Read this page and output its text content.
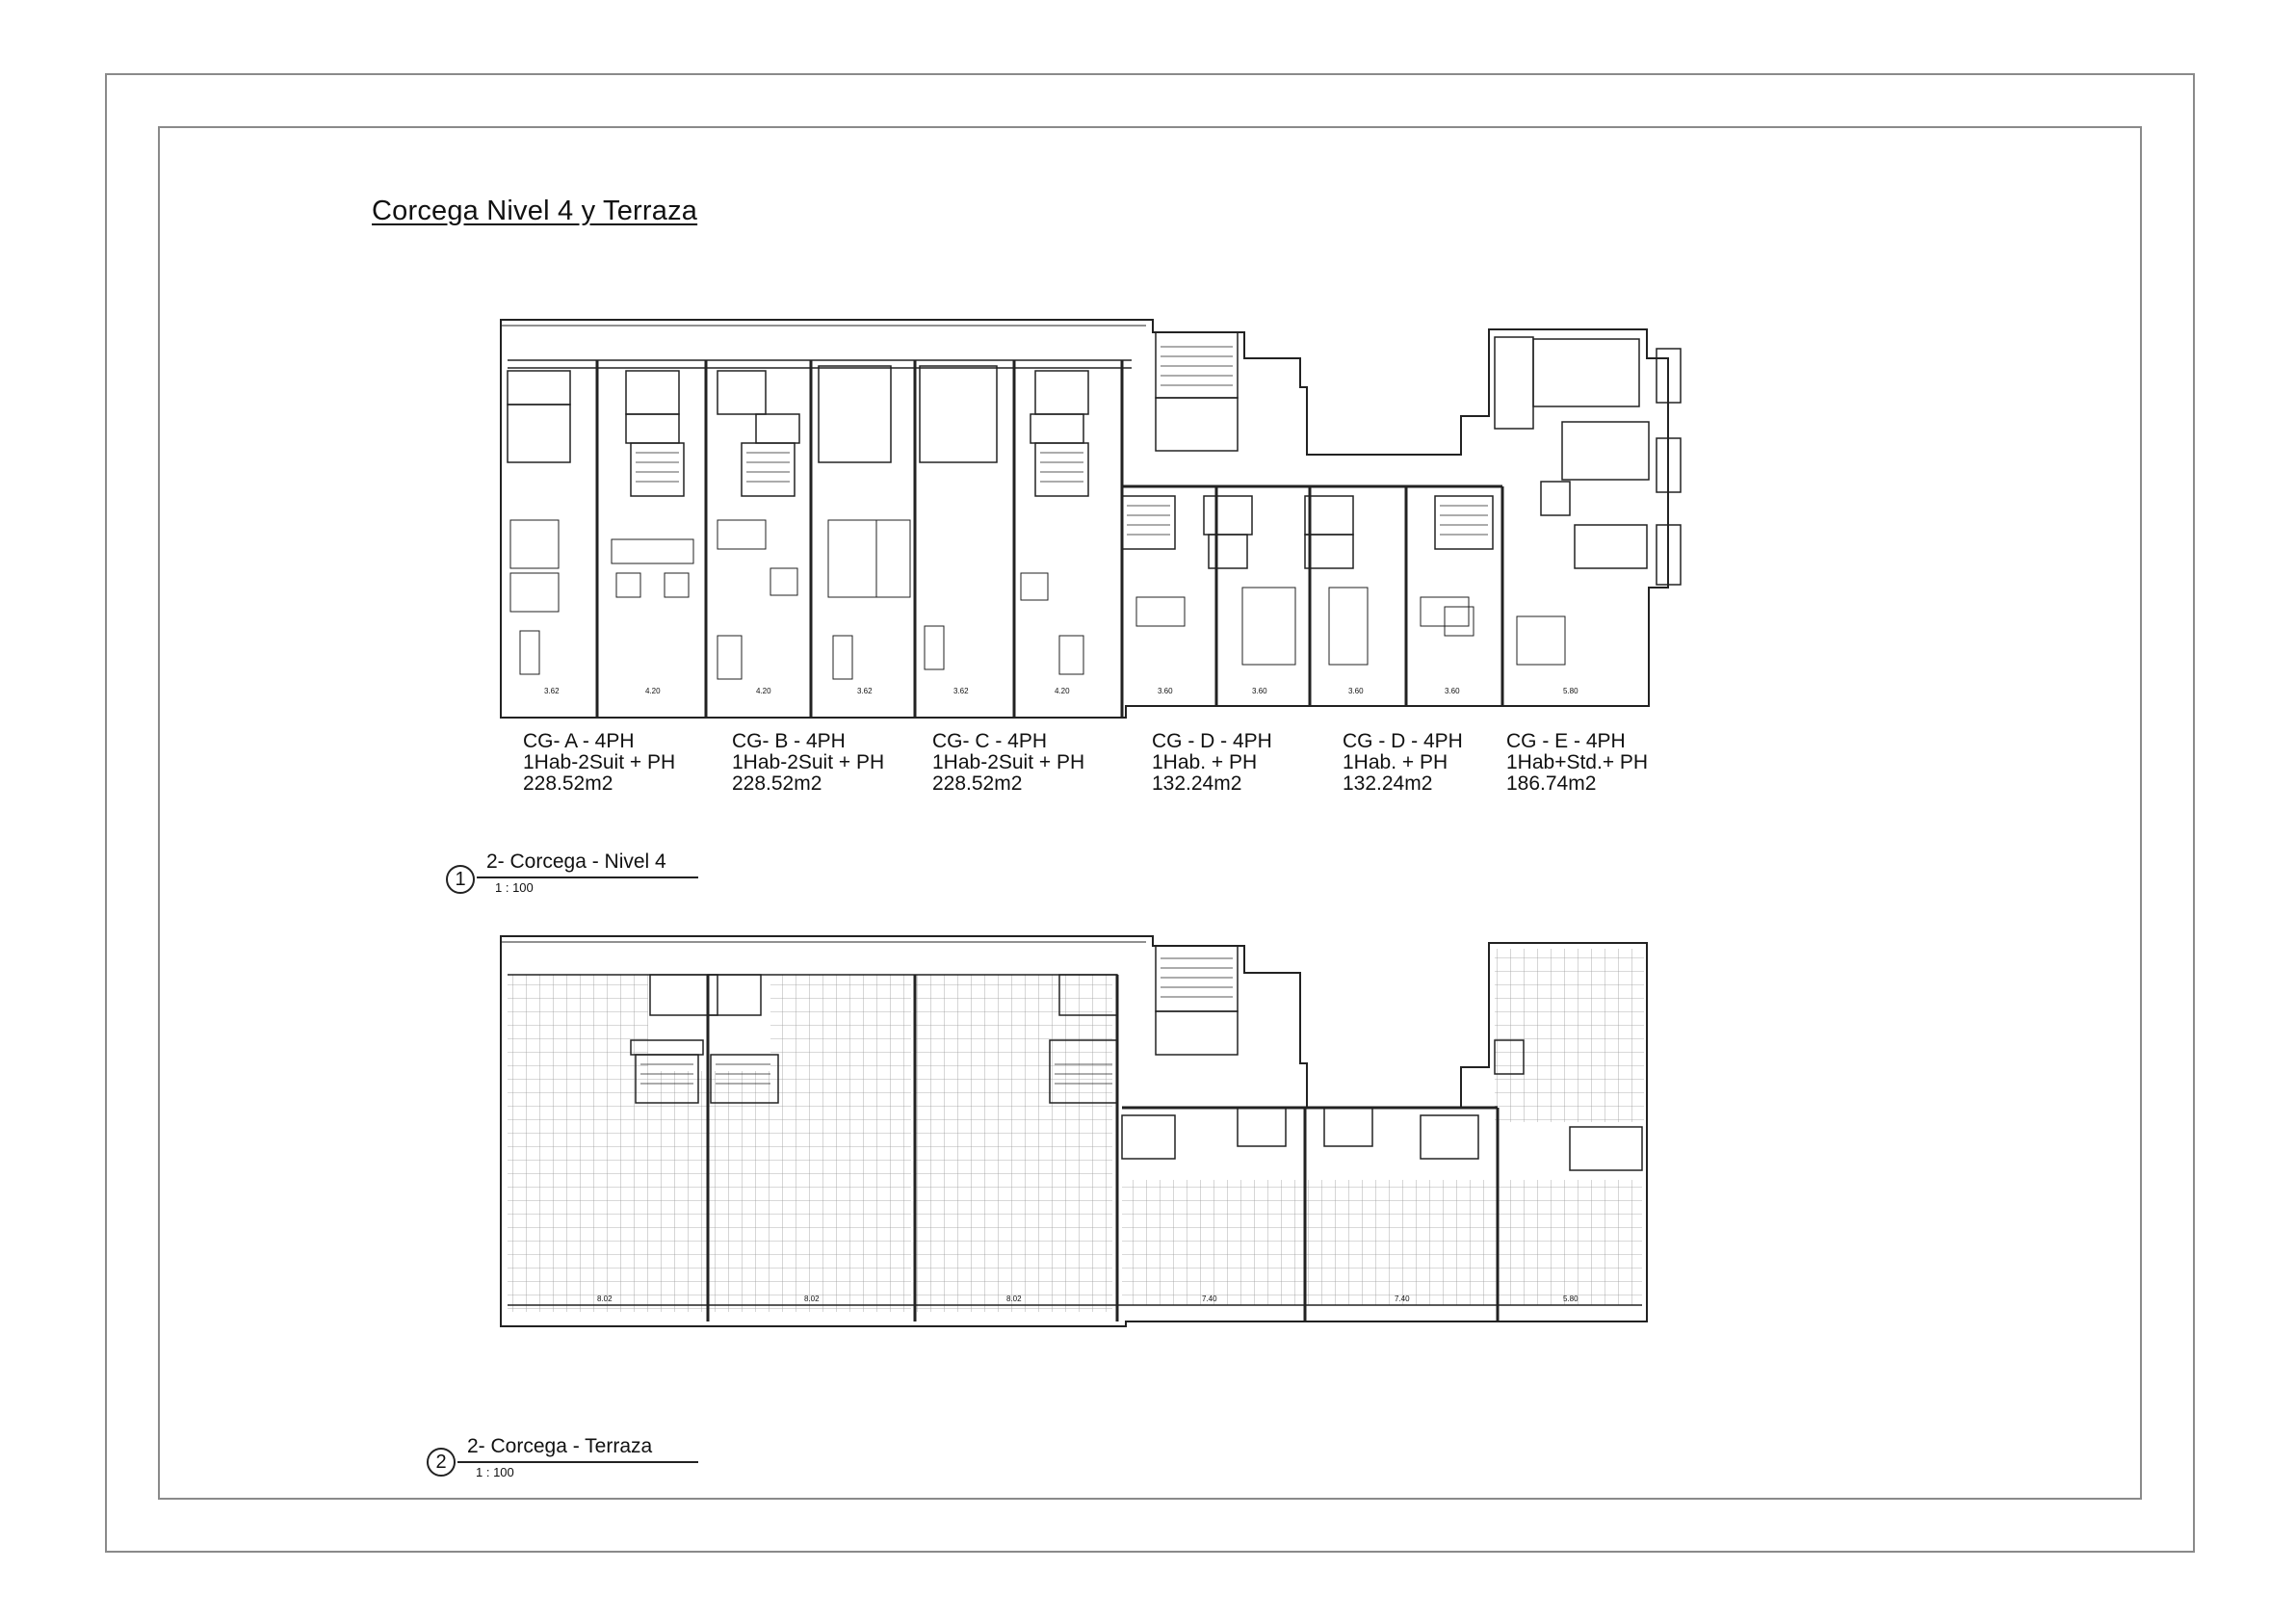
Corcega Nivel 4 y Terraza
3.62	4.20	4.20	3.62	3.62	4.20	3.60	3.60	3.60	3.60	5.80
8.02	8.02	8.02	7.40	7.40	5.80
CG- A - 4PH
1Hab-2Suit + PH
228.52m2
CG- B - 4PH
1Hab-2Suit + PH
228.52m2
CG- C - 4PH
1Hab-2Suit + PH
228.52m2
CG - D - 4PH
1Hab. + PH
132.24m2
CG - D - 4PH
1Hab. + PH
132.24m2
CG - E - 4PH
1Hab+Std.+ PH
186.74m2
1
2- Corcega - Nivel 4
1 : 100
2
2- Corcega - Terraza
1 : 100
